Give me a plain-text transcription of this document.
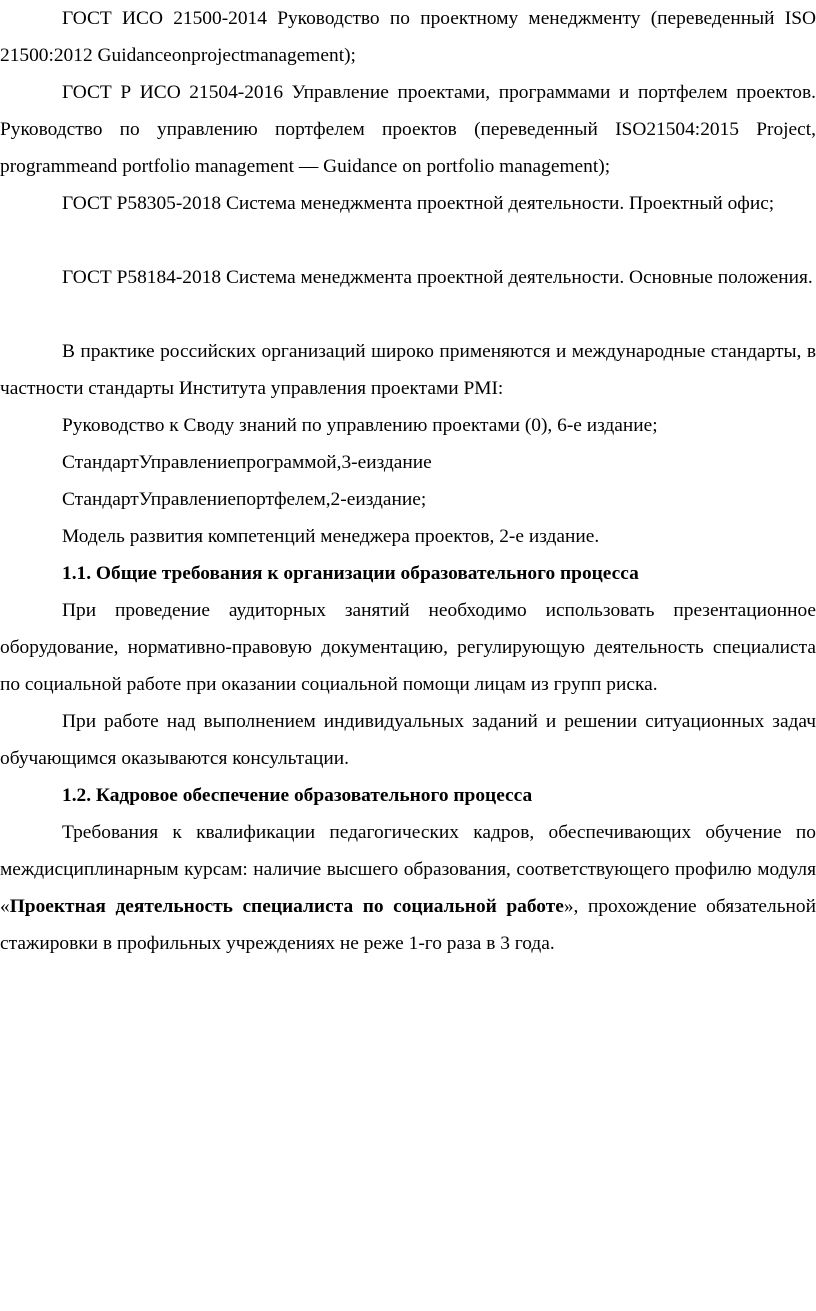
ГОСТ ИСО 21500-2014 Руководство по проектному менеджменту (переведенный ISO 21500:2012 Guidanceonprojectmanagement);

ГОСТ Р ИСО 21504-2016 Управление проектами, программами и портфелем проектов. Руководство по управлению портфелем проектов (переведенный ISO21504:2015 Project, programmeand portfolio management — Guidance on portfolio management);

ГОСТ Р58305-2018 Система менеджмента проектной деятельности. Проектный офис;

ГОСТ Р58184-2018 Система менеджмента проектной деятельности. Основные положения.

В практике российских организаций широко применяются и международные стандарты, в частности стандарты Института управления проектами PMI:

Руководство к Своду знаний по управлению проектами (0), 6-е издание;

СтандартУправлениепрограммой,3-еиздание

СтандартУправлениепортфелем,2-еиздание;

Модель развития компетенций менеджера проектов, 2-е издание.

1.1. Общие требования к организации образовательного процесса

При проведение аудиторных занятий необходимо использовать презентационное оборудование, нормативно-правовую документацию, регулирующую деятельность специалиста по социальной работе при оказании социальной помощи лицам из групп риска.

При работе над выполнением индивидуальных заданий и решении ситуационных задач обучающимся оказываются консультации.

1.2. Кадровое обеспечение образовательного процесса

Требования к квалификации педагогических кадров, обеспечивающих обучение по междисциплинарным курсам: наличие высшего образования, соответствующего профилю модуля «Проектная деятельность специалиста по социальной работе», прохождение обязательной стажировки в профильных учреждениях не реже 1-го раза в 3 года.
